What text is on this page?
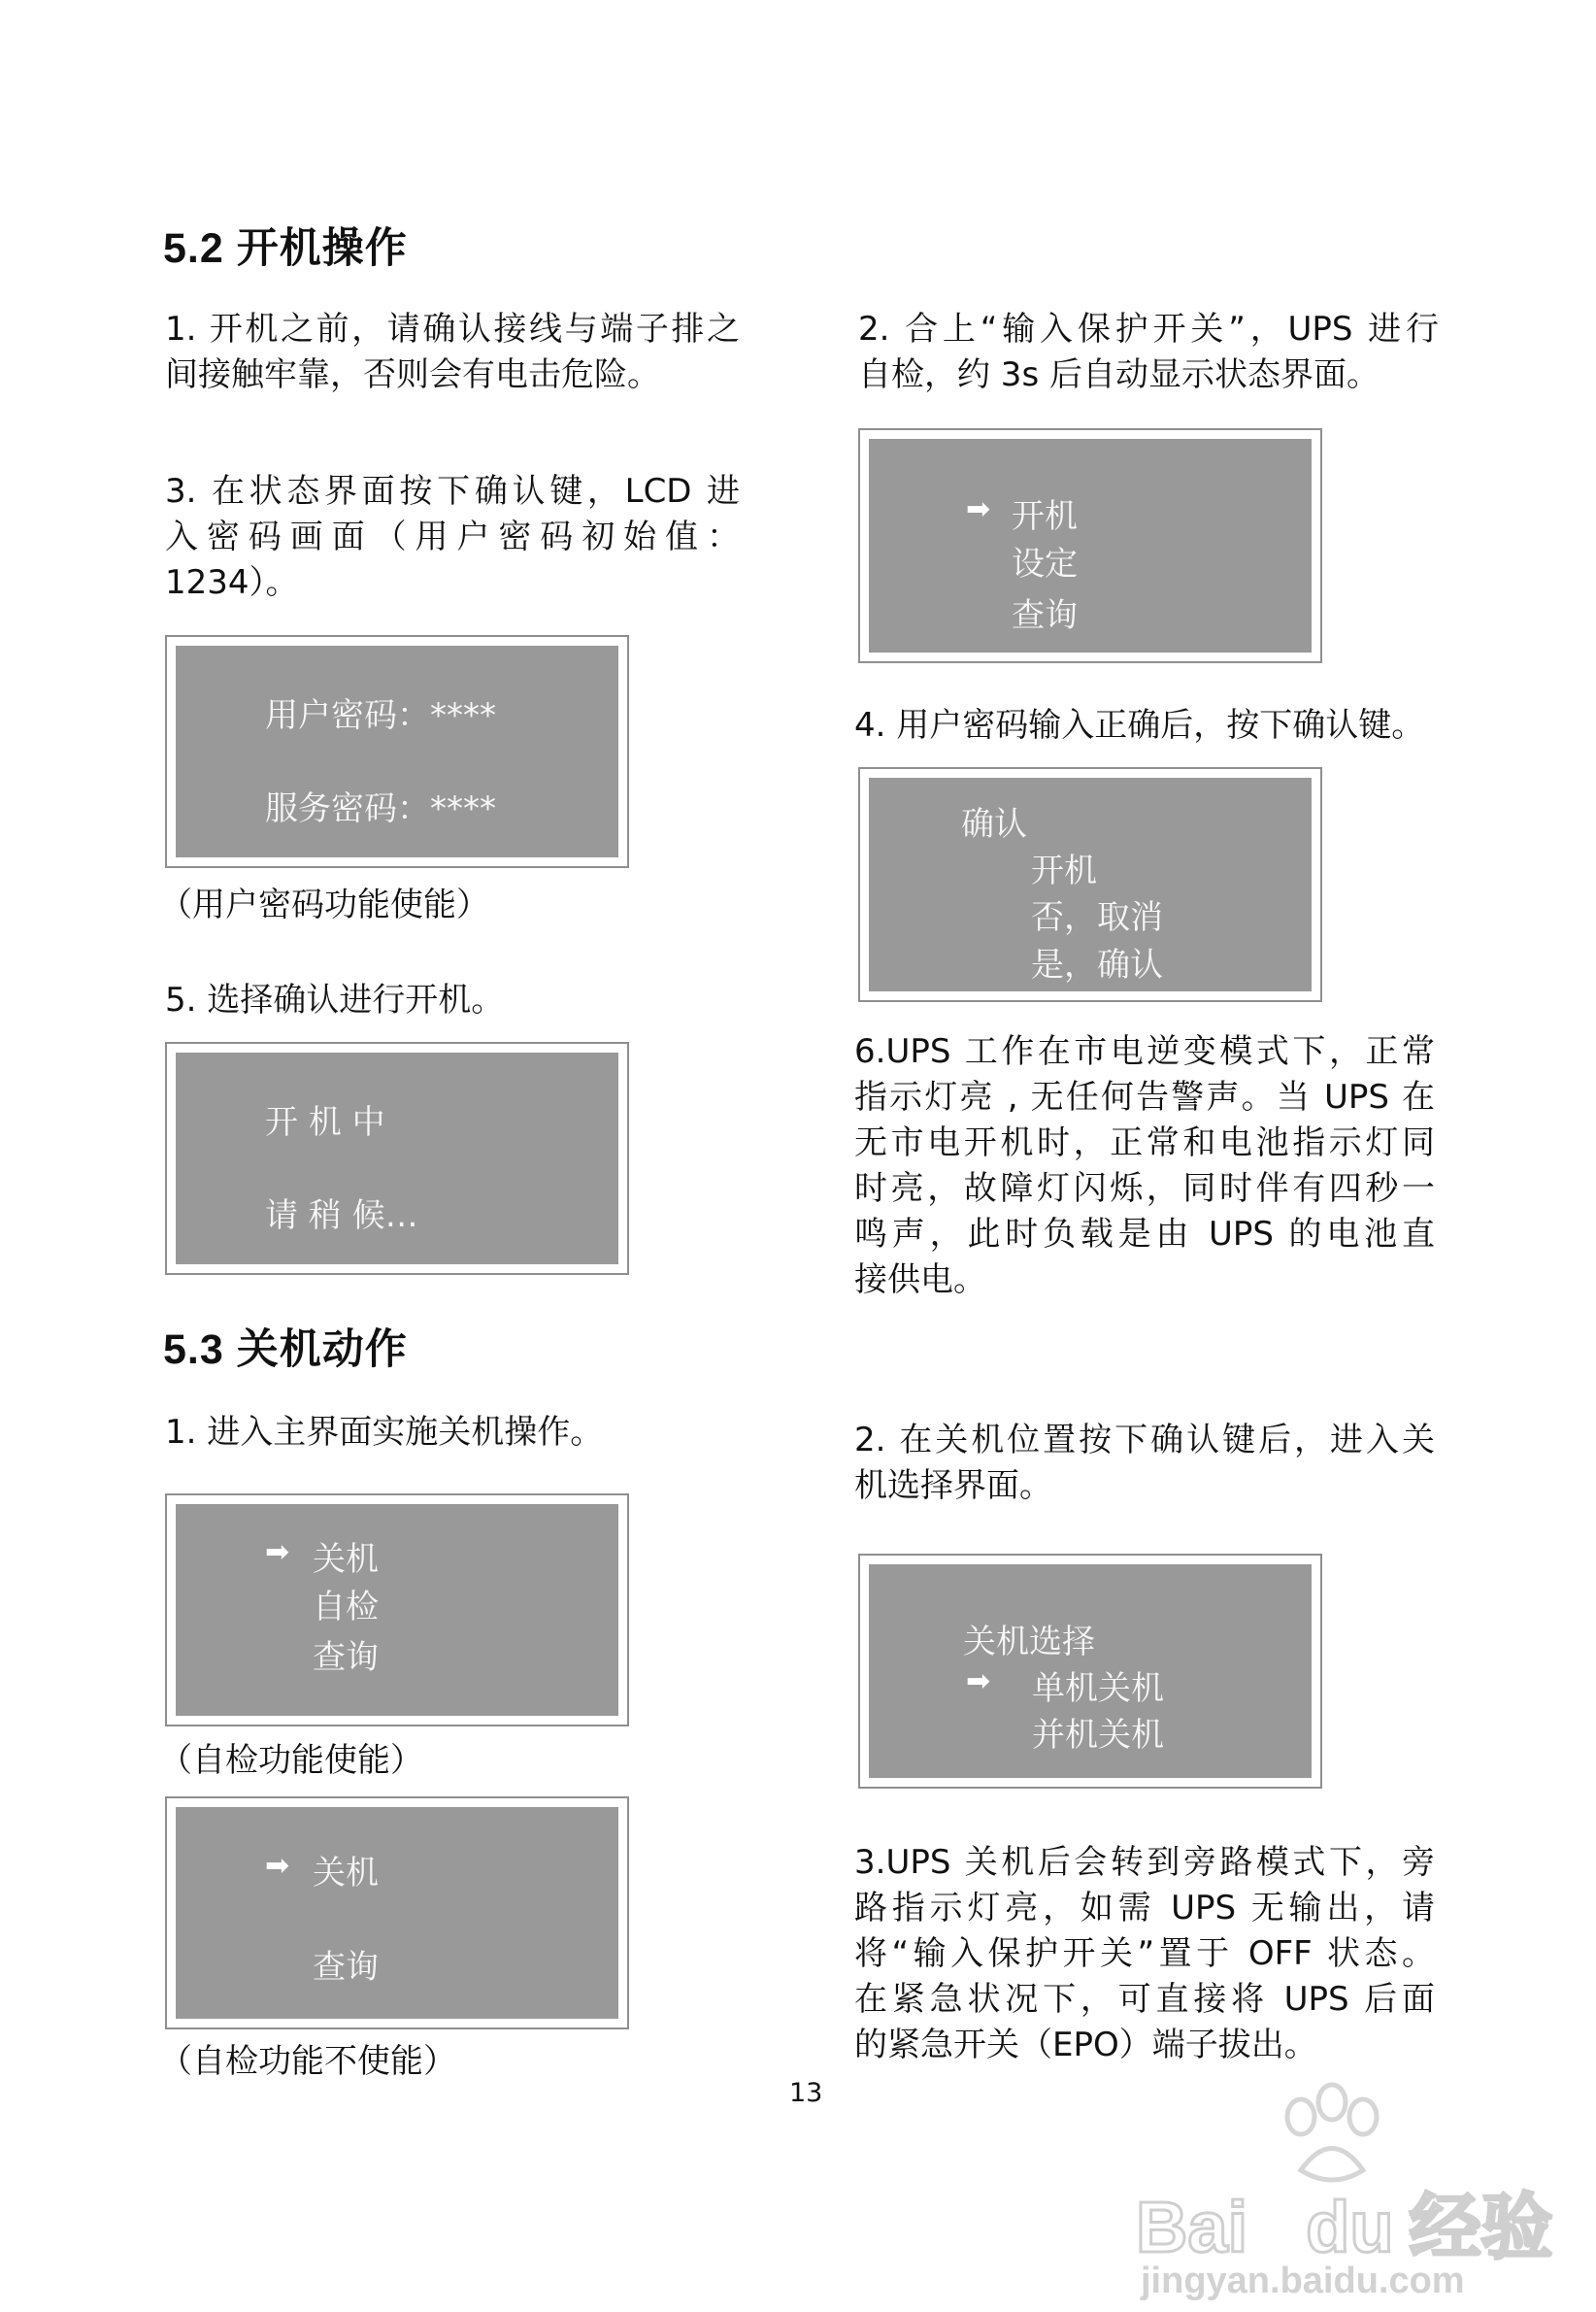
5.2 开机操作
1. 开机之前，请确认接线与端子排之
间接触牢靠，否则会有电击危险。
2. 合上“输入保护开关”，UPS 进行
自检，约 3s 后自动显示状态界面。
➡ 开机
设定
查询
3. 在状态界面按下确认键，LCD 进
入密码画面（用户密码初始值：
1234）。
用户密码：****
服务密码：****
（用户密码功能使能）
4. 用户密码输入正确后，按下确认键。
确认
开机
否，取消
是，确认
5. 选择确认进行开机。
开 机 中
请 稍 候…
6.UPS 工作在市电逆变模式下，正常
指示灯亮 , 无任何告警声。当 UPS 在
无市电开机时，正常和电池指示灯同
时亮，故障灯闪烁，同时伴有四秒一
鸣声，此时负载是由 UPS 的电池直
接供电。
5.3 关机动作
1. 进入主界面实施关机操作。	2. 在关机位置按下确认键后，进入关
机选择界面。
➡ 关机
自检
查询
（自检功能使能）
关机选择
➡ 单机关机
并机关机
➡ 关机
查询
（自检功能不使能）
3.UPS 关机后会转到旁路模式下，旁
路指示灯亮，如需 UPS 无输出，请
将“输入保护开关”置于 OFF 状态。
在紧急状况下，可直接将 UPS 后面
的紧急开关（EPO）端子拔出。
13
Bai du 经验
jingyan.baidu.com
